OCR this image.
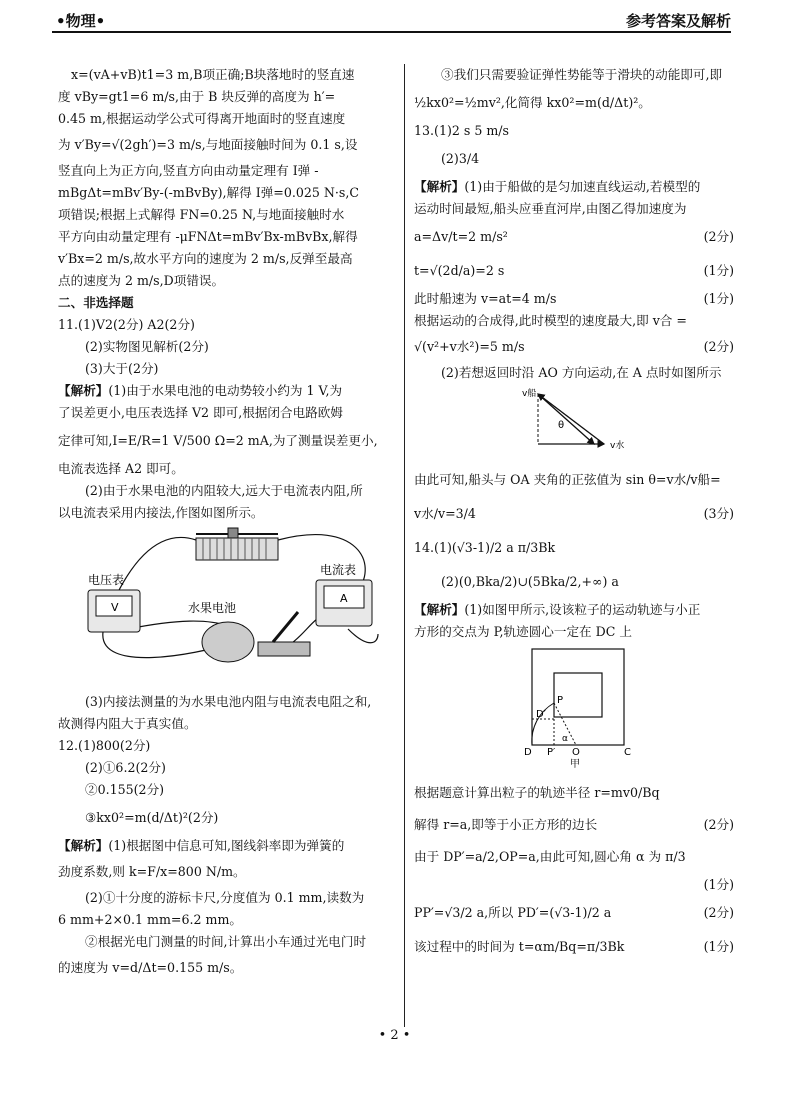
•物理•	参考答案及解析
x=(vA+vB)t1=3 m,B项正确;B块落地时的竖直速
度 vBy=gt1=6 m/s,由于 B 块反弹的高度为 h′=
0.45 m,根据运动学公式可得离开地面时的竖直速度
为 v′By=√(2gh′)=3 m/s,与地面接触时间为 0.1 s,设
竖直向上为正方向,竖直方向由动量定理有 I弹 -
mBgΔt=mBv′By-(-mBvBy),解得 I弹=0.025 N·s,C
项错误;根据上式解得 FN=0.25 N,与地面接触时水
平方向由动量定理有 -μFNΔt=mBv′Bx-mBvBx,解得
v′Bx=2 m/s,故水平方向的速度为 2 m/s,反弹至最高
点的速度为 2 m/s,D项错误。
二、非选择题
11.(1)V2(2分) A2(2分)
(2)实物图见解析(2分)
(3)大于(2分)
【解析】(1)由于水果电池的电动势较小约为 1 V,为
了误差更小,电压表选择 V2 即可,根据闭合电路欧姆
定律可知,I=E/R=1 V/500 Ω=2 mA,为了测量误差更小,
电流表选择 A2 即可。
(2)由于水果电池的内阻较大,远大于电流表内阻,所
以电流表采用内接法,作图如图所示。
电压表
V
电流表
A
水果电池
(3)内接法测量的为水果电池内阻与电流表电阻之和,
故测得内阻大于真实值。
12.(1)800(2分)
(2)①6.2(2分)
②0.155(2分)
③kx0²=m(d/Δt)²(2分)
【解析】(1)根据图中信息可知,图线斜率即为弹簧的
劲度系数,则 k=F/x=800 N/m。
(2)①十分度的游标卡尺,分度值为 0.1 mm,读数为
6 mm+2×0.1 mm=6.2 mm。
②根据光电门测量的时间,计算出小车通过光电门时
的速度为 v=d/Δt=0.155 m/s。
③我们只需要验证弹性势能等于滑块的动能即可,即
½kx0²=½mv²,化简得 kx0²=m(d/Δt)²。
13.(1)2 s 5 m/s
(2)3/4
【解析】(1)由于船做的是匀加速直线运动,若模型的
运动时间最短,船头应垂直河岸,由图乙得加速度为
a=Δv/t=2 m/s²	(2分)
t=√(2d/a)=2 s	(1分)
此时船速为 v=at=4 m/s	(1分)
根据运动的合成得,此时模型的速度最大,即 v合 =
√(v²+v水²)=5 m/s	(2分)
(2)若想返回时沿 AO 方向运动,在 A 点时如图所示
v船
v水
θ
由此可知,船头与 OA 夹角的正弦值为 sin θ=v水/v船=
v水/v=3/4	(3分)
14.(1)(√3-1)/2 a π/3Bk
(2)(0,Bka/2)∪(5Bka/2,+∞) a
【解析】(1)如图甲所示,设该粒子的运动轨迹与小正
方形的交点为 P,轨迹圆心一定在 DC 上
D	C
O
P
P′
D′
α
甲
根据题意计算出粒子的轨迹半径 r=mv0/Bq
解得 r=a,即等于小正方形的边长	(2分)
由于 DP′=a/2,OP=a,由此可知,圆心角 α 为 π/3
(1分)
PP′=√3/2 a,所以 PD′=(√3-1)/2 a	(2分)
该过程中的时间为 t=αm/Bq=π/3Bk	(1分)
• 2 •
